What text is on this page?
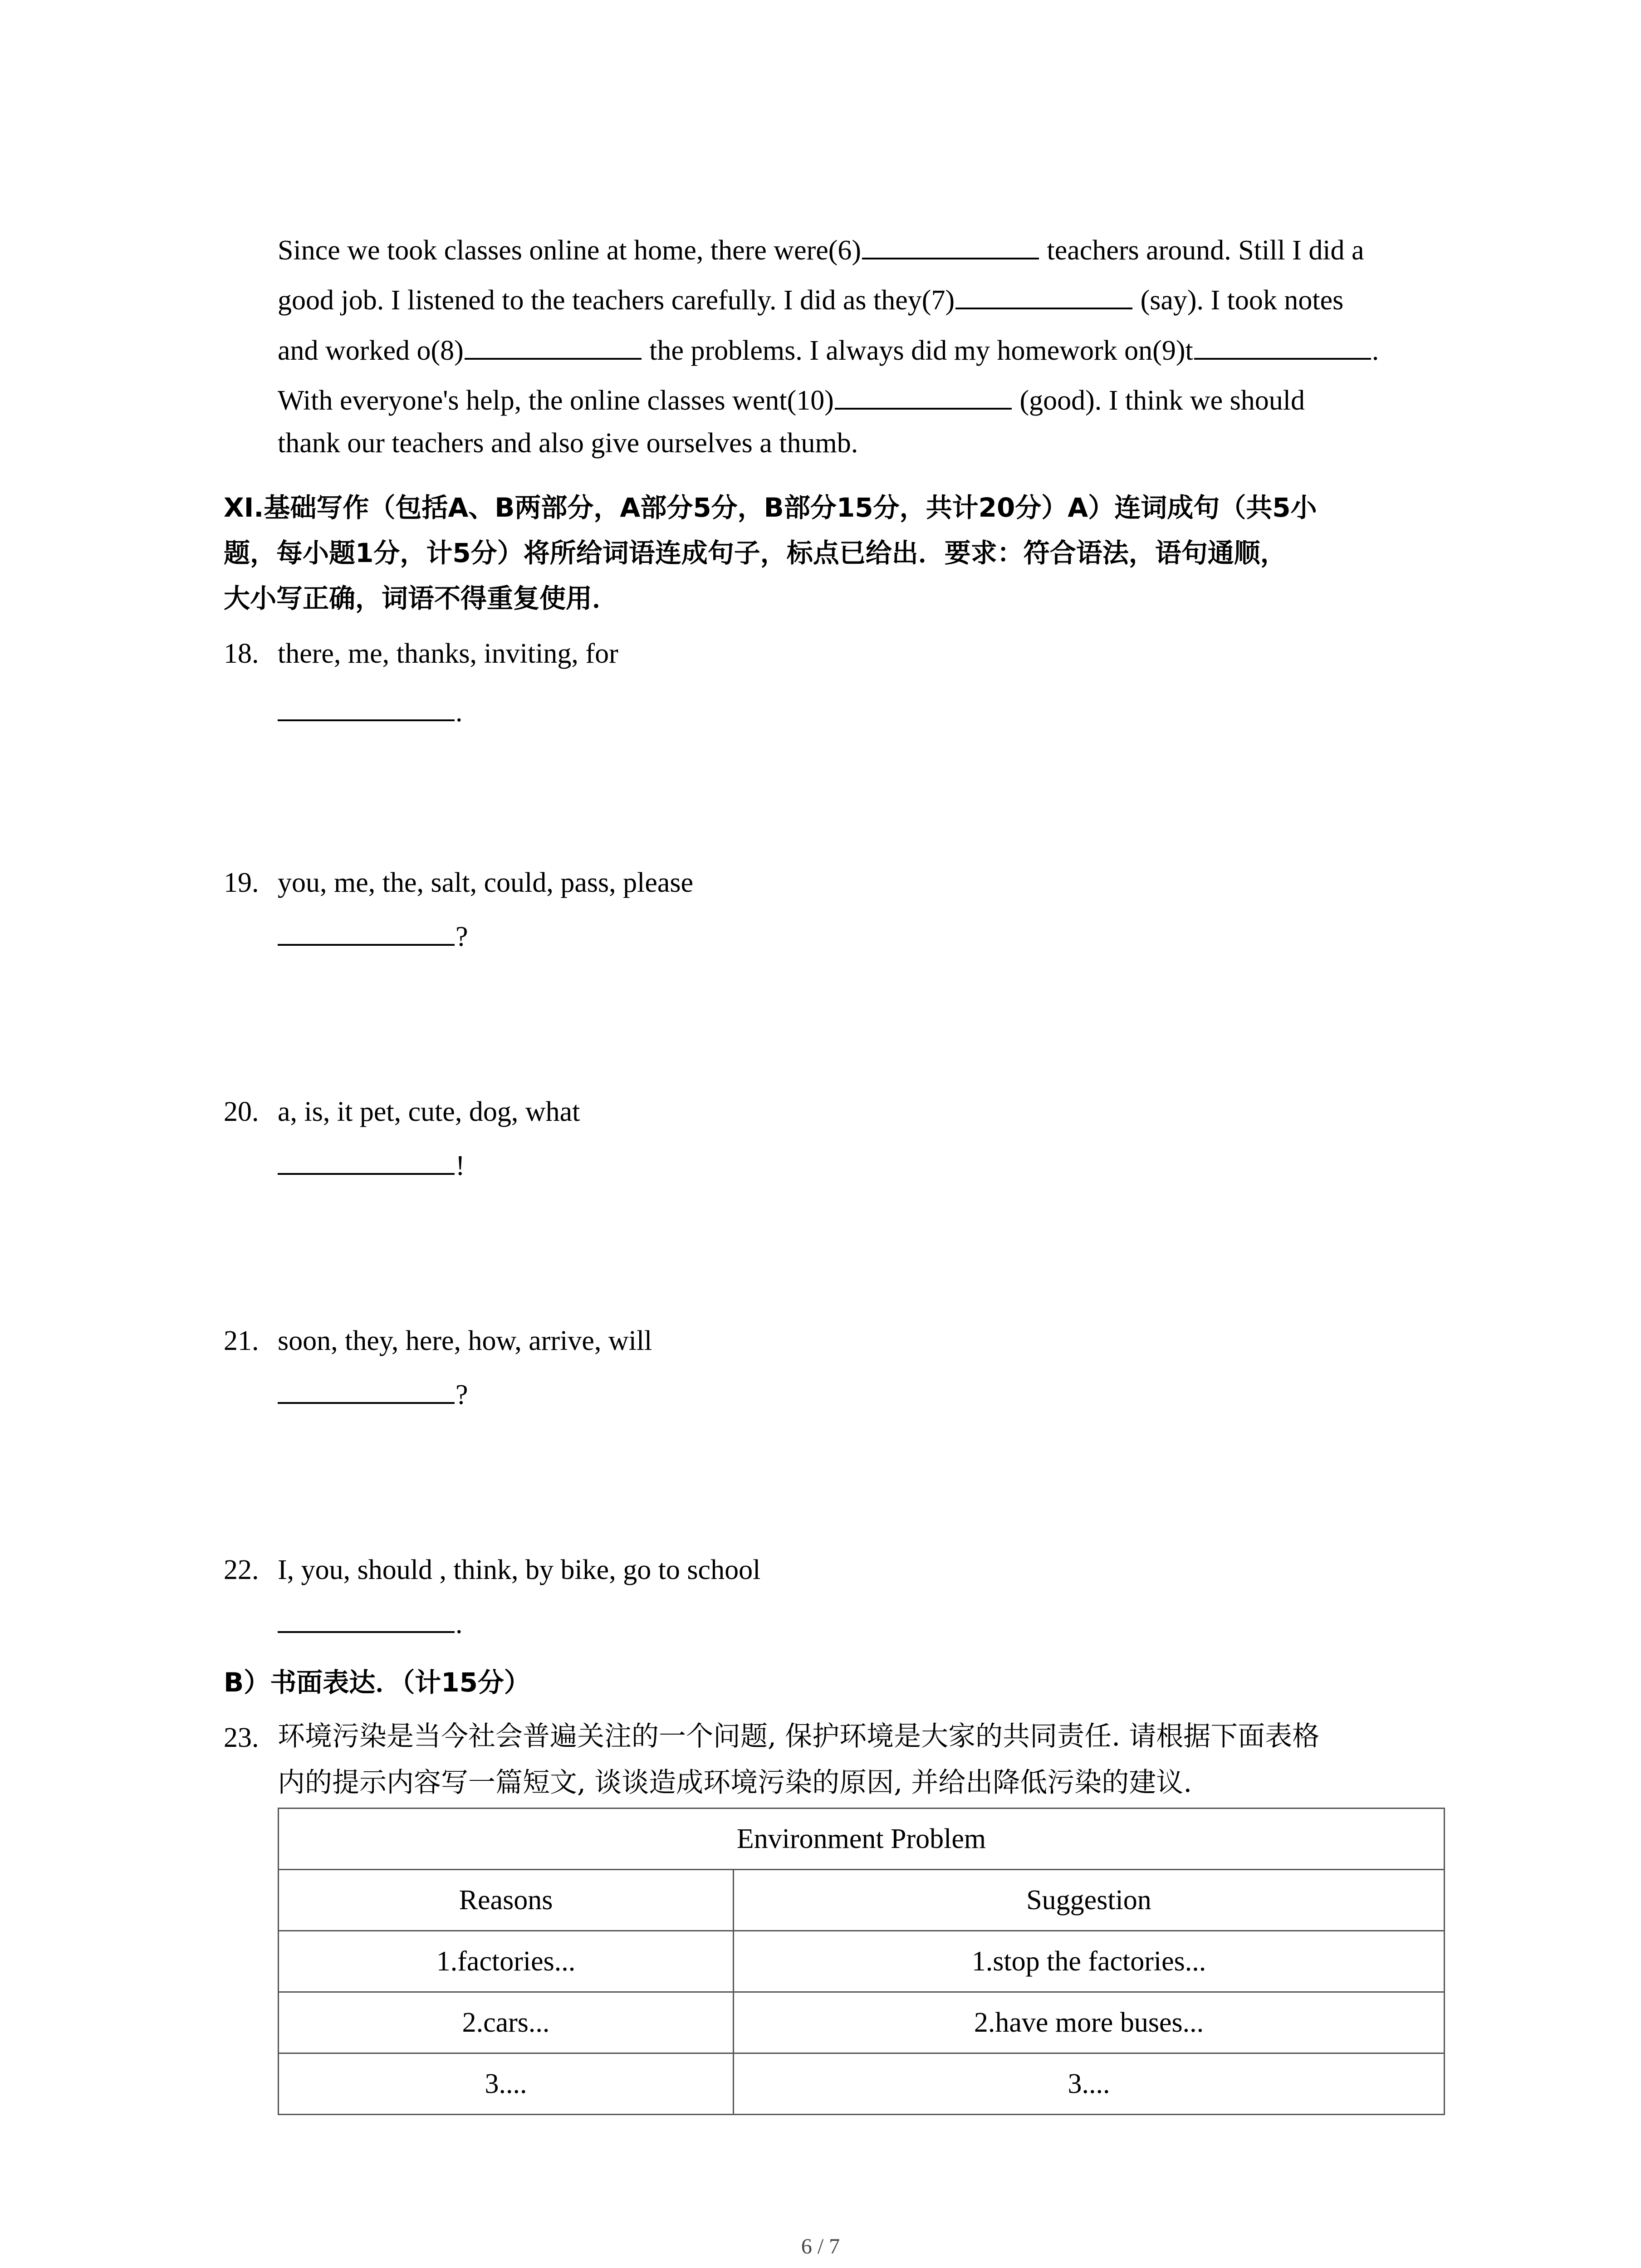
Since we took classes online at home, there were(6)	teachers around. Still I did a
good job. I listened to the teachers carefully. I did as they(7)	(say). I took notes
and worked o(8)	the problems. I always did my homework on(9)t	.
With everyone's help, the online classes went(10)	(good). I think we should
thank our teachers and also give ourselves a thumb.
XI.基础写作（包括A、B两部分，A部分5分，B部分15分，共计20分）A）连词成句（共5小
题，每小题1分，计5分）将所给词语连成句子，标点已给出．要求：符合语法，语句通顺，
大小写正确，词语不得重复使用．
18. there, me, thanks, inviting, for
.
19. you, me, the, salt, could, pass, please
?
20. a, is, it pet, cute, dog, what
!
21. soon, they, here, how, arrive, will
?
22. I, you, should , think, by bike, go to school
.
B）书面表达．（计15分）
23. 环境污染是当今社会普遍关注的一个问题, 保护环境是大家的共同责任. 请根据下面表格
内的提示内容写一篇短文, 谈谈造成环境污染的原因, 并给出降低污染的建议.
Environment Problem	
Reasons	Suggestion
1.factories...	1.stop the factories...
2.cars...	2.have more buses...
3....	3....
6 / 7
